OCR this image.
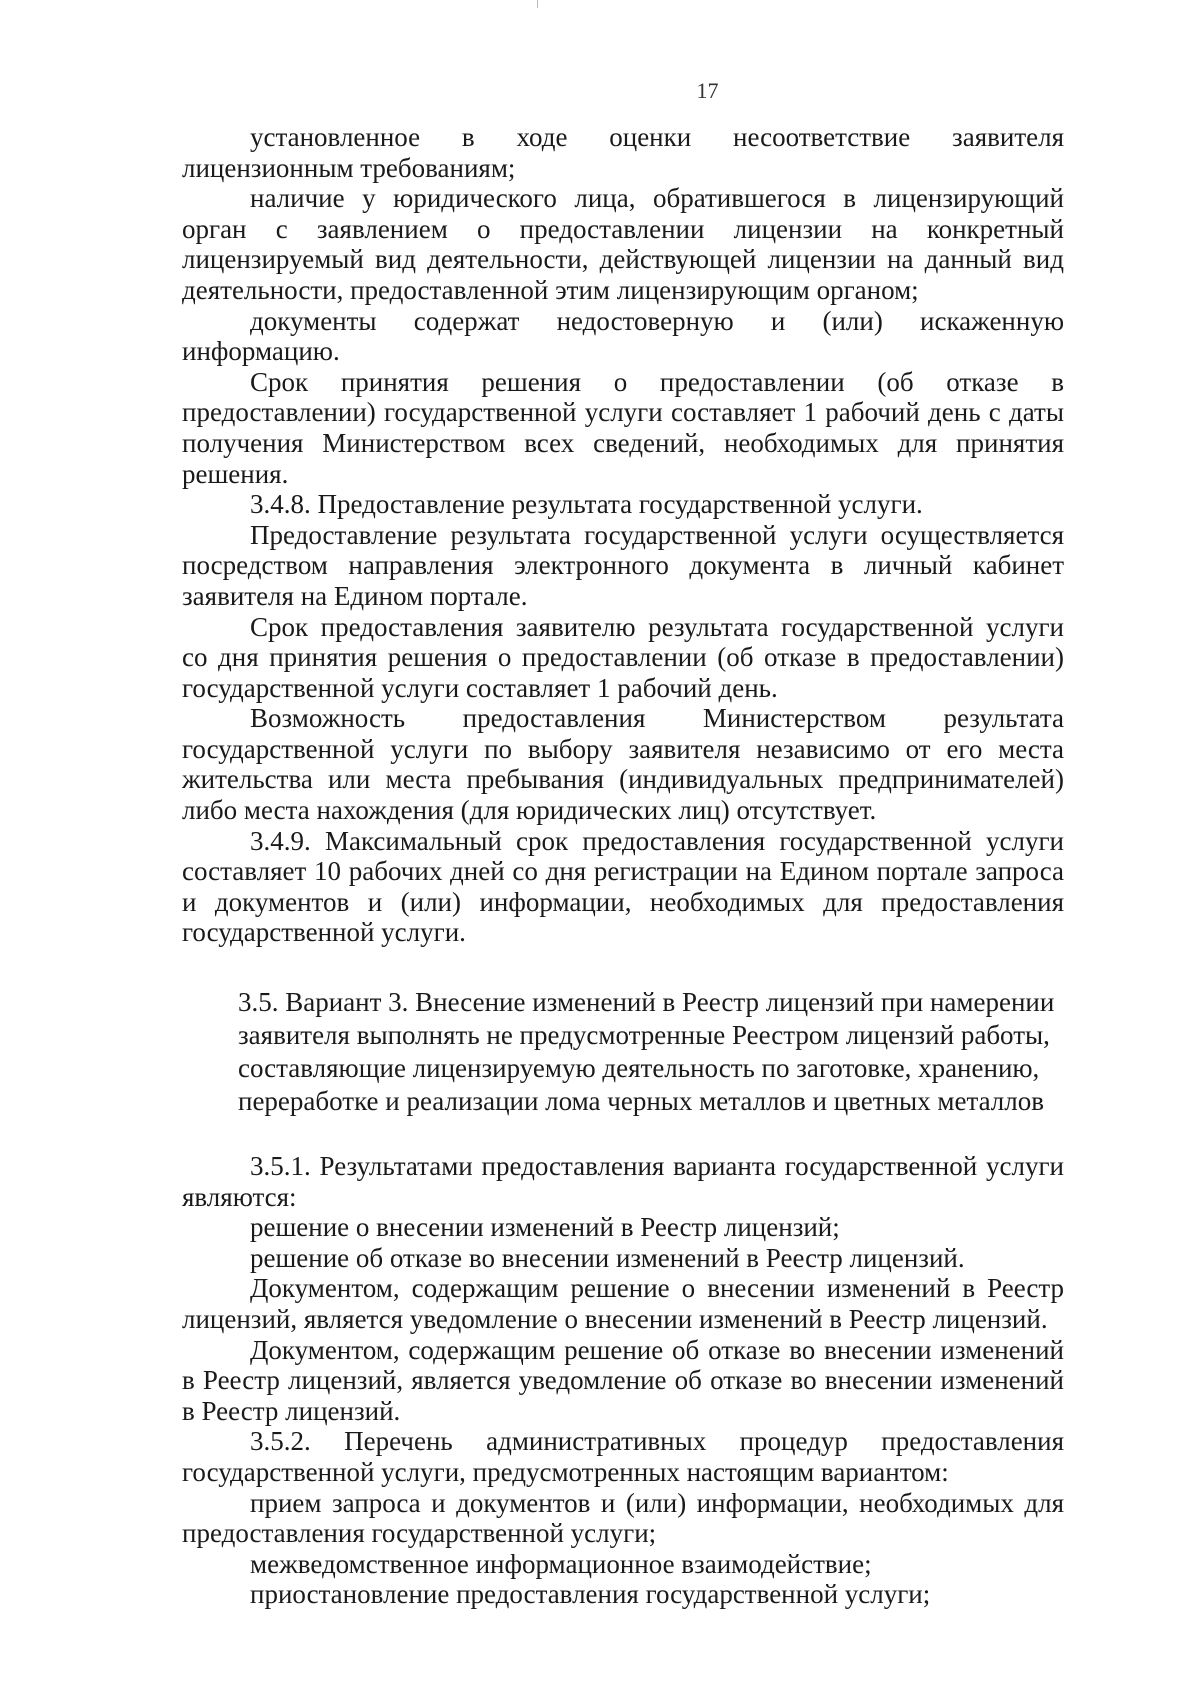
17

установленное в ходе оценки несоответствие заявителя лицензионным требованиям;

наличие у юридического лица, обратившегося в лицензирующий орган с заявлением о предоставлении лицензии на конкретный лицензируемый вид деятельности, действующей лицензии на данный вид деятельности, предоставленной этим лицензирующим органом;

документы содержат недостоверную и (или) искаженную информацию.

Срок принятия решения о предоставлении (об отказе в предоставлении) государственной услуги составляет 1 рабочий день с даты получения Министерством всех сведений, необходимых для принятия решения.

3.4.8. Предоставление результата государственной услуги.

Предоставление результата государственной услуги осуществляется посредством направления электронного документа в личный кабинет заявителя на Едином портале.

Срок предоставления заявителю результата государственной услуги со дня принятия решения о предоставлении (об отказе в предоставлении) государственной услуги составляет 1 рабочий день.

Возможность предоставления Министерством результата государственной услуги по выбору заявителя независимо от его места жительства или места пребывания (индивидуальных предпринимателей) либо места нахождения (для юридических лиц) отсутствует.

3.4.9. Максимальный срок предоставления государственной услуги составляет 10 рабочих дней со дня регистрации на Едином портале запроса и документов и (или) информации, необходимых для предоставления государственной услуги.

3.5. Вариант 3. Внесение изменений в Реестр лицензий при намерении заявителя выполнять не предусмотренные Реестром лицензий работы, составляющие лицензируемую деятельность по заготовке, хранению, переработке и реализации лома черных металлов и цветных металлов

3.5.1. Результатами предоставления варианта государственной услуги являются:

решение о внесении изменений в Реестр лицензий;

решение об отказе во внесении изменений в Реестр лицензий.

Документом, содержащим решение о внесении изменений в Реестр лицензий, является уведомление о внесении изменений в Реестр лицензий.

Документом, содержащим решение об отказе во внесении изменений в Реестр лицензий, является уведомление об отказе во внесении изменений в Реестр лицензий.

3.5.2. Перечень административных процедур предоставления государственной услуги, предусмотренных настоящим вариантом:

прием запроса и документов и (или) информации, необходимых для предоставления государственной услуги;

межведомственное информационное взаимодействие;

приостановление предоставления государственной услуги;
